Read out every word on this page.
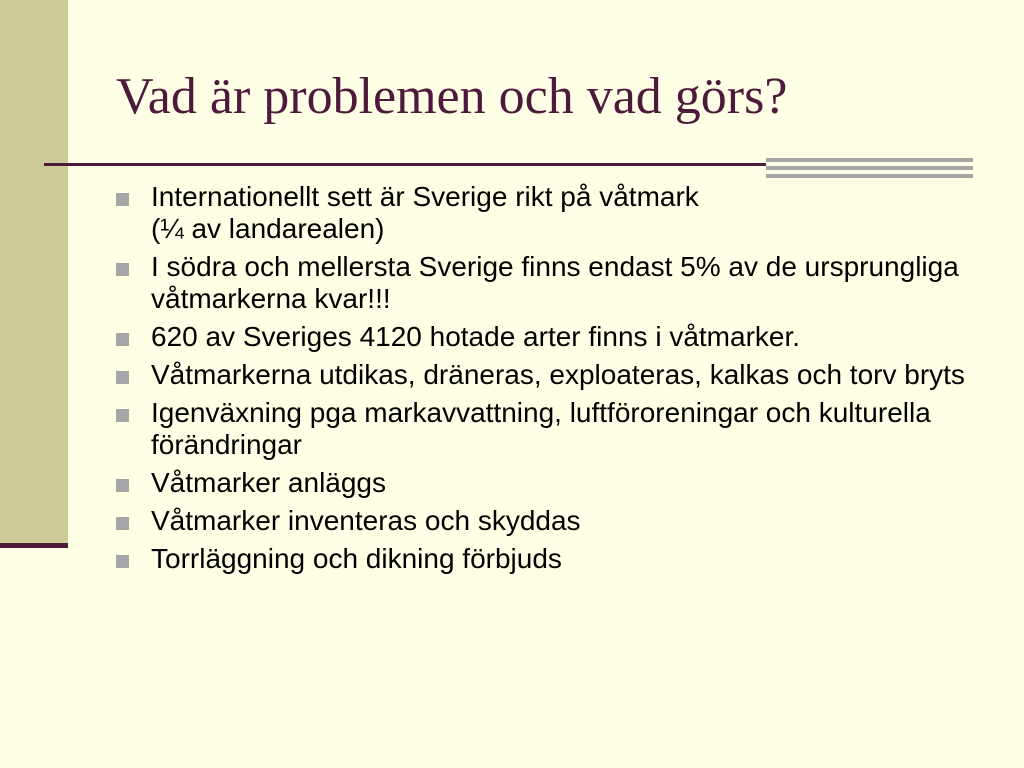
Vad är problemen och vad görs?
Internationellt sett är Sverige rikt på våtmark
(¼ av landarealen)
I södra och mellersta Sverige finns endast 5% av de ursprungliga våtmarkerna kvar!!!
620 av Sveriges 4120 hotade arter finns i våtmarker.
Våtmarkerna utdikas, dräneras, exploateras, kalkas och torv bryts
Igenväxning pga markavvattning, luftföroreningar och kulturella förändringar
Våtmarker anläggs
Våtmarker inventeras och skyddas
Torrläggning och dikning förbjuds
